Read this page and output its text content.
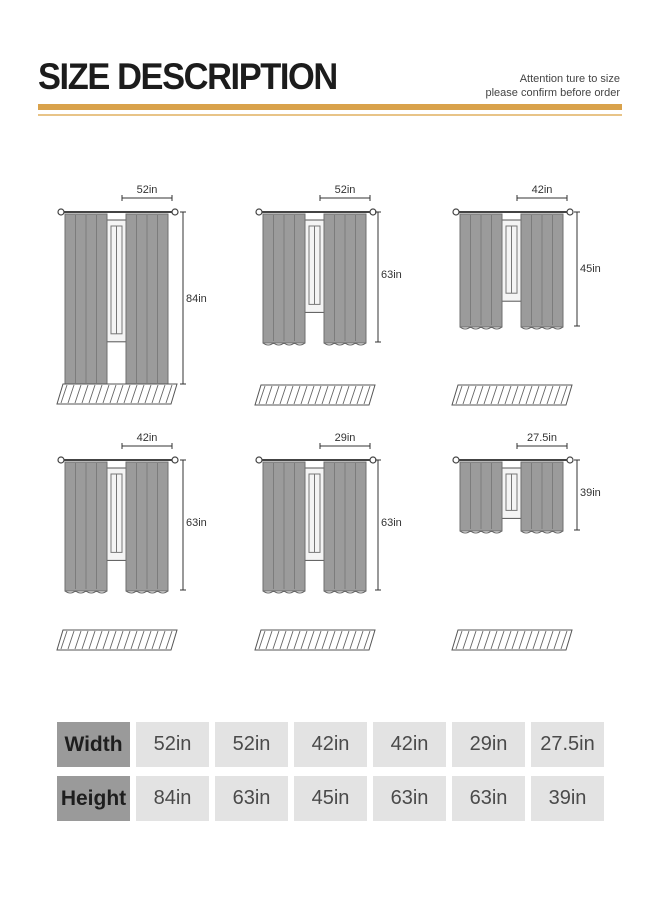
SIZE DESCRIPTION	Attention ture to size
please confirm before order
52in
84in
52in
63in
42in
45in
42in
63in
29in
63in
27.5in
39in
Width	52in	52in	42in	42in	29in	27.5in
Height	84in	63in	45in	63in	63in	39in
